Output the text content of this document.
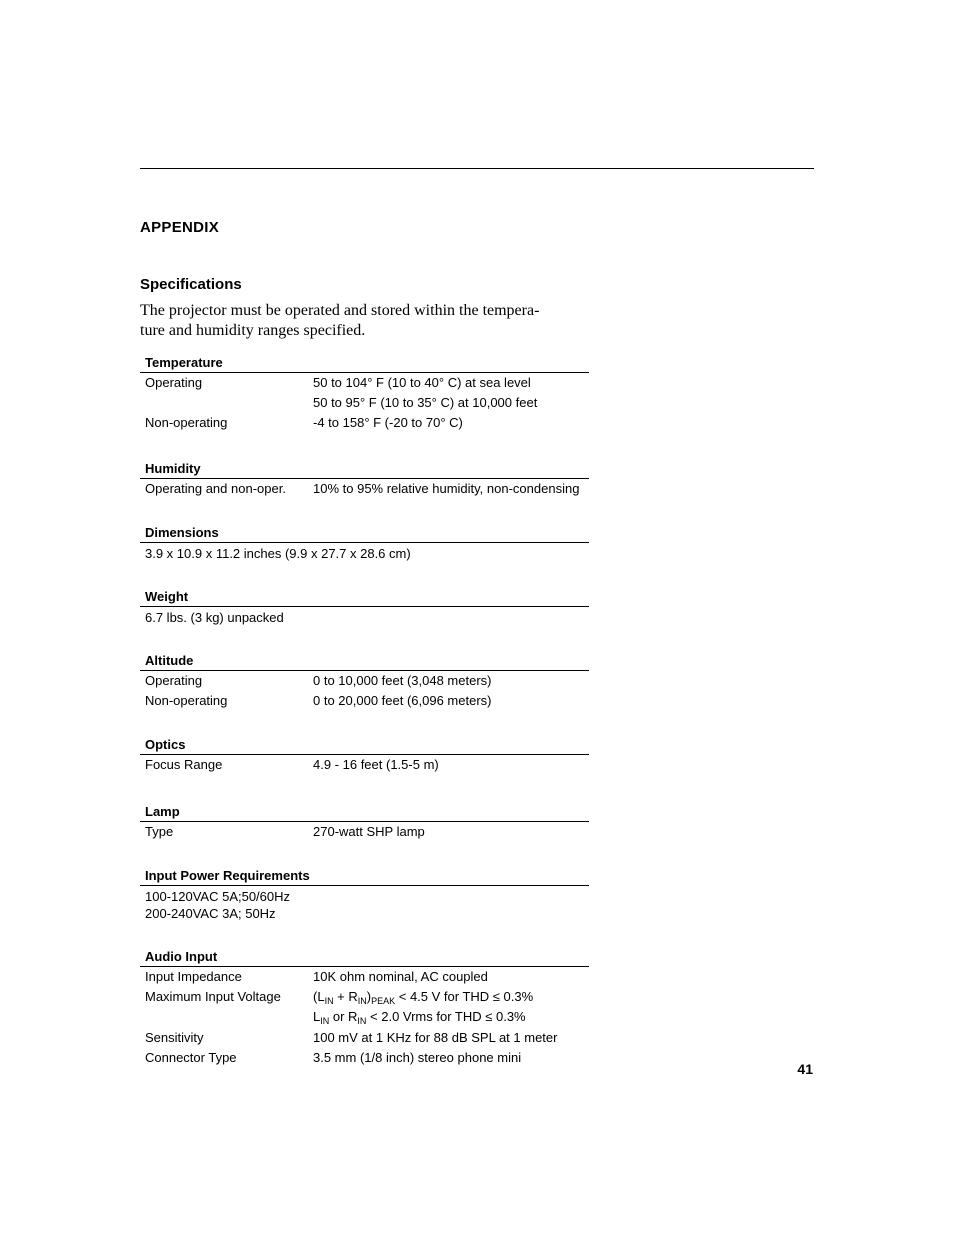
APPENDIX
Specifications
The projector must be operated and stored within the tempera-
ture and humidity ranges specified.
Temperature
Operating	50 to 104° F (10 to 40° C) at sea level
50 to 95° F (10 to 35° C) at 10,000 feet
Non-operating	-4 to 158° F (-20 to 70° C)
Humidity
Operating and non-oper. 10% to 95% relative humidity, non-condensing
Dimensions
3.9 x 10.9 x 11.2 inches (9.9 x 27.7 x 28.6 cm)
Weight
6.7 lbs. (3 kg) unpacked
Altitude
Operating	0 to 10,000 feet (3,048 meters)
Non-operating	0 to 20,000 feet (6,096 meters)
Optics
Focus Range	4.9 - 16 feet (1.5-5 m)
Lamp
Type	270-watt SHP lamp
Input Power Requirements
100-120VAC 5A;50/60Hz
200-240VAC 3A; 50Hz
Audio Input
Input Impedance	10K ohm nominal, AC coupled
Maximum Input Voltage $(L_{IN} + R_{IN})_{PEAK} < 4.5$ V for THD ≤ 0.3%
$L_{IN}$ or $R_{IN} < 2.0$ Vrms for THD ≤ 0.3%
Sensitivity	100 mV at 1 KHz for 88 dB SPL at 1 meter
Connector Type	3.5 mm (1/8 inch) stereo phone mini
41
